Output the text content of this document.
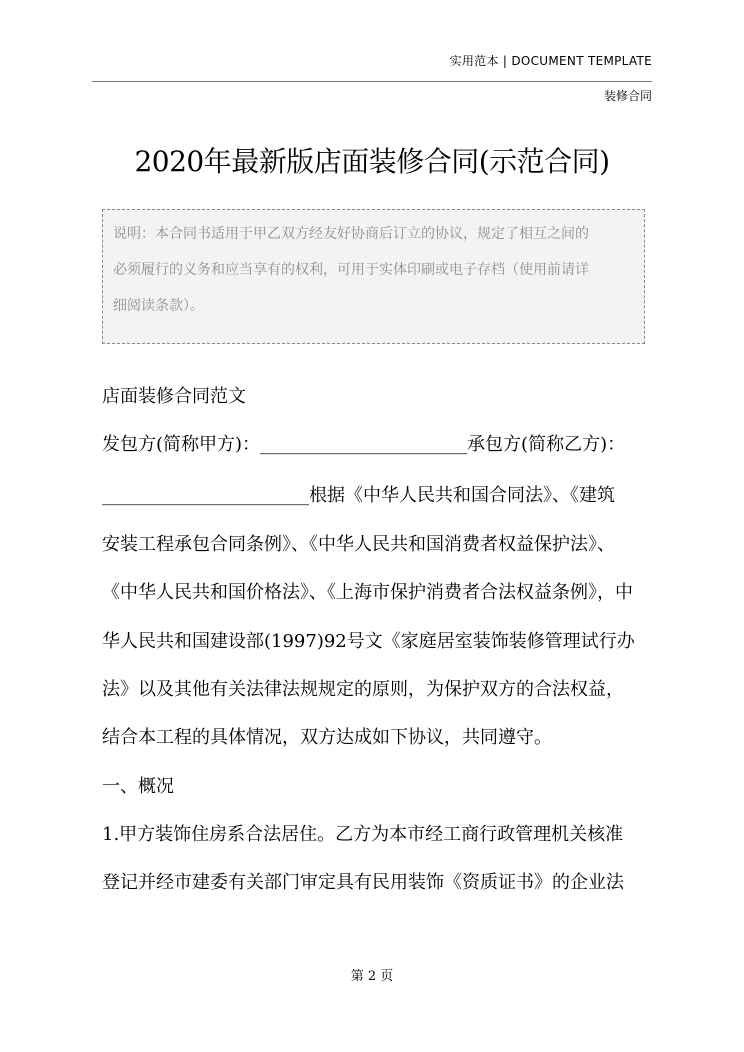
实用范本 | DOCUMENT TEMPLATE
装修合同
2020年最新版店面装修合同(示范合同)
说明：本合同书适用于甲乙双方经友好协商后订立的协议，规定了相互之间的
必须履行的义务和应当享有的权利，可用于实体印刷或电子存档（使用前请详
细阅读条款）。
店面装修合同范文
发包方(简称甲方)：_______________________承包方(简称乙方)：
_______________________根据《中华人民共和国合同法》、《建筑
安装工程承包合同条例》、《中华人民共和国消费者权益保护法》、
《中华人民共和国价格法》、《上海市保护消费者合法权益条例》，中
华人民共和国建设部(1997)92号文《家庭居室装饰装修管理试行办
法》以及其他有关法律法规规定的原则，为保护双方的合法权益，
结合本工程的具体情况，双方达成如下协议，共同遵守。
一、概况
1.甲方装饰住房系合法居住。乙方为本市经工商行政管理机关核准
登记并经市建委有关部门审定具有民用装饰《资质证书》的企业法
第 2 页
